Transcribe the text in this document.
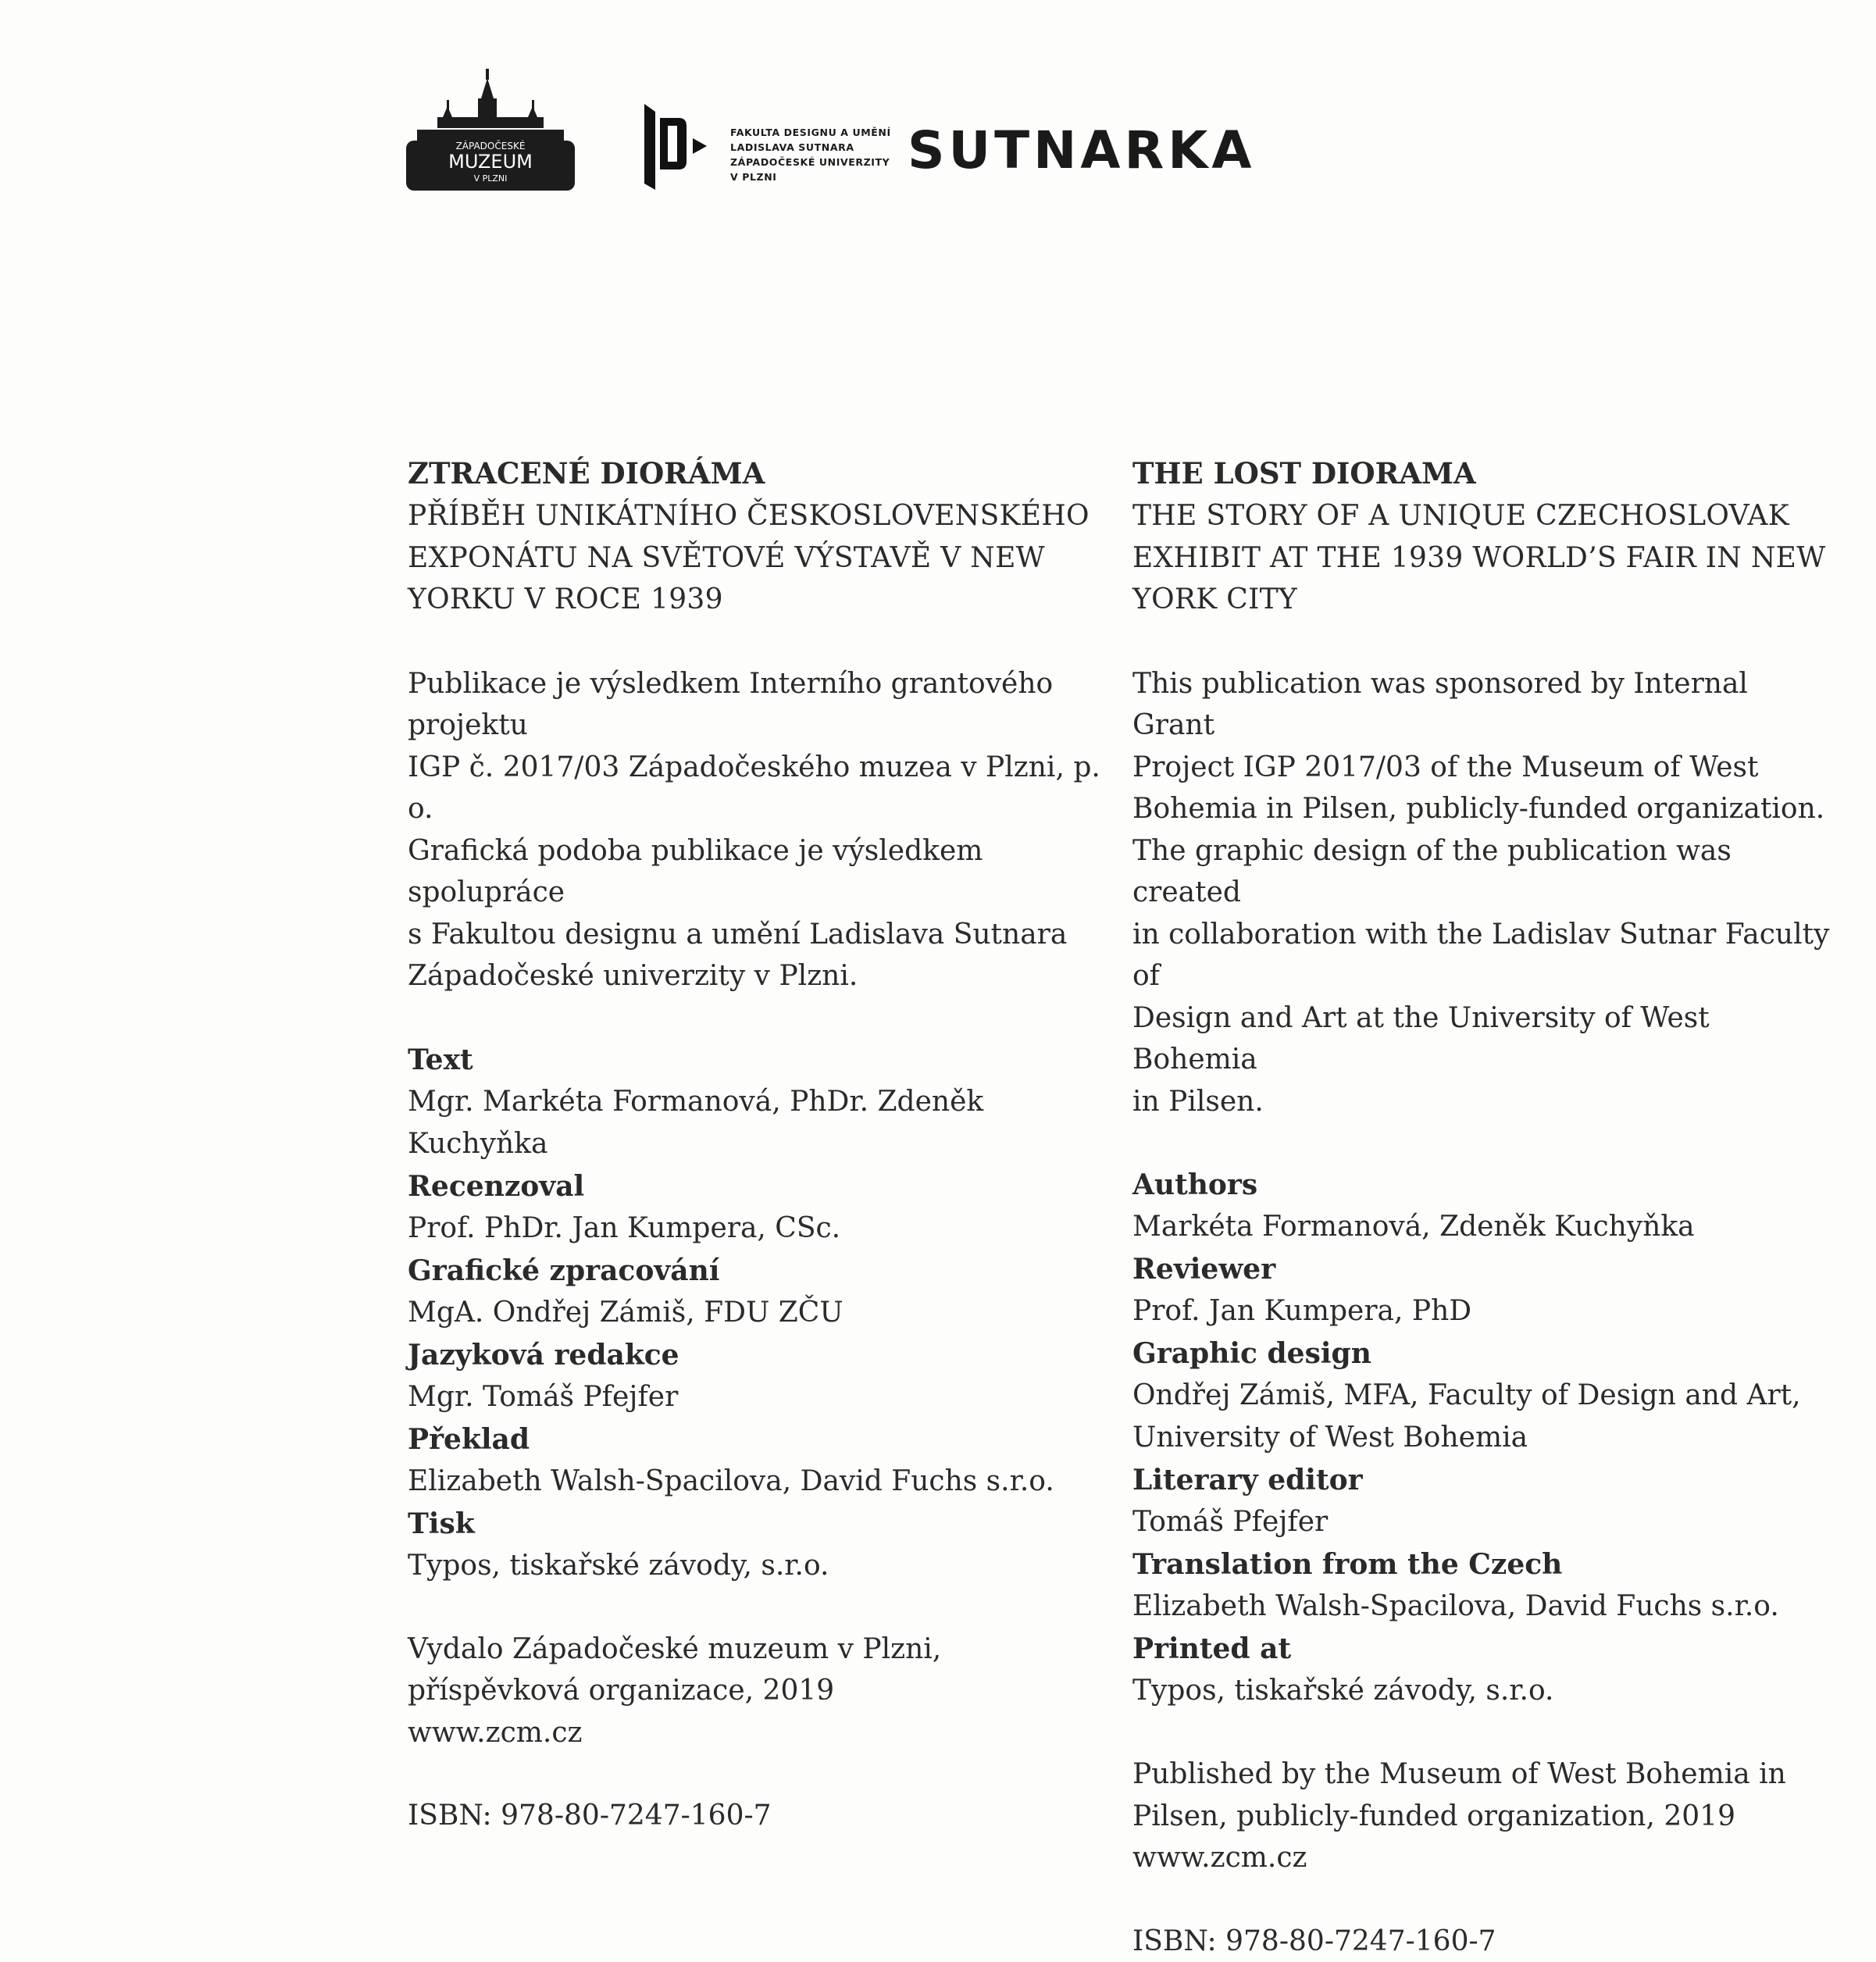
ZÁPADOČESKÉ
MUZEUM
V PLZNI
FAKULTA DESIGNU A UMĚNÍ
LADISLAVA SUTNARA
ZÁPADOČESKÉ UNIVERZITY
V PLZNI	SUTNARKA

ZTRACENÉ DIORÁMA

PŘÍBĚH UNIKÁTNÍHO ČESKOSLOVENSKÉHO

EXPONÁTU NA SVĚTOVÉ VÝSTAVĚ V NEW

YORKU V ROCE 1939

Publikace je výsledkem Interního grantového projektu

IGP č. 2017/03 Západočeského muzea v Plzni, p. o.

Grafická podoba publikace je výsledkem spolupráce

s Fakultou designu a umění Ladislava Sutnara

Západočeské univerzity v Plzni.

Text

Mgr. Markéta Formanová, PhDr. Zdeněk Kuchyňka

Recenzoval

Prof. PhDr. Jan Kumpera, CSc.

Grafické zpracování

MgA. Ondřej Zámiš, FDU ZČU

Jazyková redakce

Mgr. Tomáš Pfejfer

Překlad

Elizabeth Walsh-Spacilova, David Fuchs s.r.o.

Tisk

Typos, tiskařské závody, s.r.o.

Vydalo Západočeské muzeum v Plzni,

příspěvková organizace, 2019

www.zcm.cz

ISBN: 978-80-7247-160-7

THE LOST DIORAMA

THE STORY OF A UNIQUE CZECHOSLOVAK

EXHIBIT AT THE 1939 WORLD’S FAIR IN NEW

YORK CITY

This publication was sponsored by Internal Grant

Project IGP 2017/03 of the Museum of West

Bohemia in Pilsen, publicly-funded organization.

The graphic design of the publication was created

in collaboration with the Ladislav Sutnar Faculty of

Design and Art at the University of West Bohemia

in Pilsen.

Authors

Markéta Formanová, Zdeněk Kuchyňka

Reviewer

Prof. Jan Kumpera, PhD

Graphic design

Ondřej Zámiš, MFA, Faculty of Design and Art,

University of West Bohemia

Literary editor

Tomáš Pfejfer

Translation from the Czech

Elizabeth Walsh-Spacilova, David Fuchs s.r.o.

Printed at

Typos, tiskařské závody, s.r.o.

Published by the Museum of West Bohemia in

Pilsen, publicly-funded organization, 2019

www.zcm.cz

ISBN: 978-80-7247-160-7
